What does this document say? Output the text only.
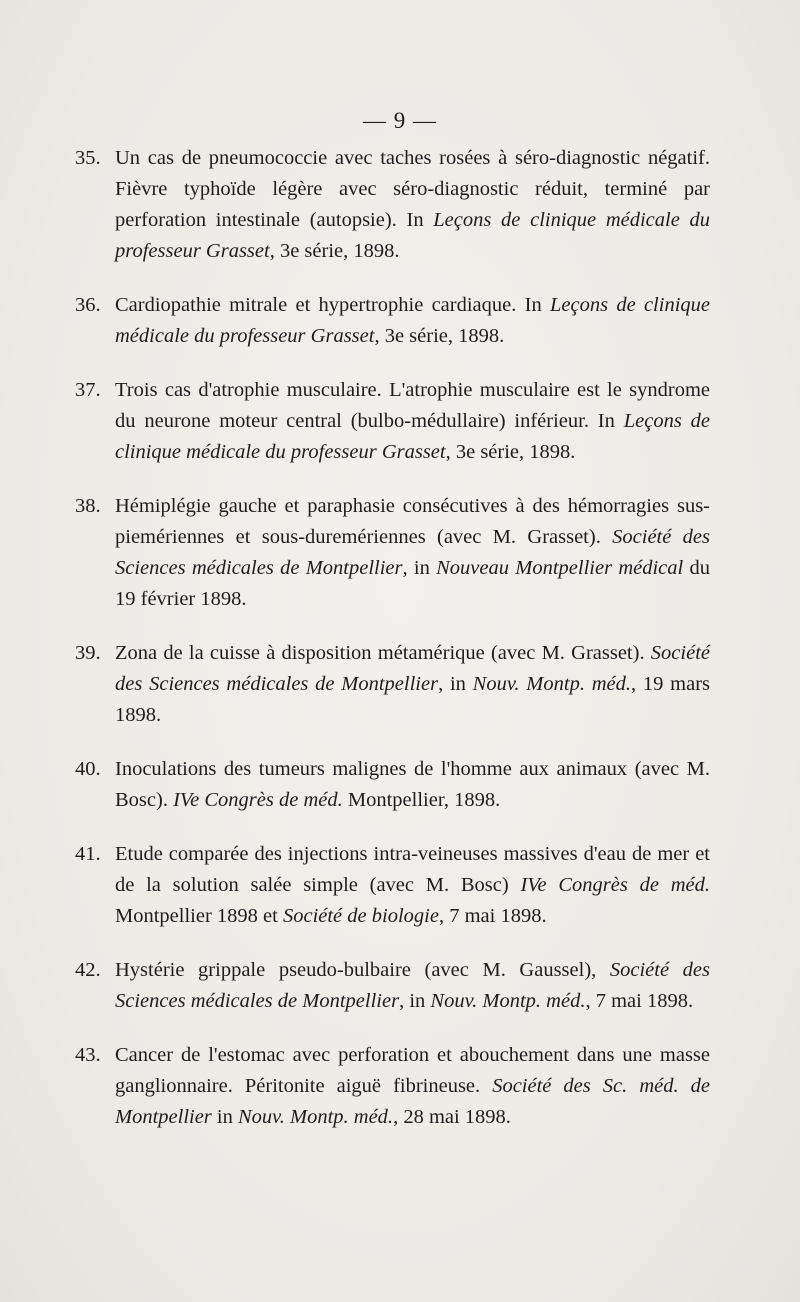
— 9 —
35. Un cas de pneumococcie avec taches rosées à séro-diagnostic négatif. Fièvre typhoïde légère avec séro-diagnostic réduit, terminé par perforation intestinale (autopsie). In Leçons de clinique médicale du professeur Grasset, 3e série, 1898.

36. Cardiopathie mitrale et hypertrophie cardiaque. In Leçons de clinique médicale du professeur Grasset, 3e série, 1898.

37. Trois cas d'atrophie musculaire. L'atrophie musculaire est le syndrome du neurone moteur central (bulbo-médullaire) inférieur. In Leçons de clinique médicale du professeur Grasset, 3e série, 1898.

38. Hémiplégie gauche et paraphasie consécutives à des hémorragies sus-piemériennes et sous-duremériennes (avec M. Grasset). Société des Sciences médicales de Montpellier, in Nouveau Montpellier médical du 19 février 1898.

39. Zona de la cuisse à disposition métamérique (avec M. Grasset). Société des Sciences médicales de Montpellier, in Nouv. Montp. méd., 19 mars 1898.

40. Inoculations des tumeurs malignes de l'homme aux animaux (avec M. Bosc). IVe Congrès de méd. Montpellier, 1898.

41. Etude comparée des injections intra-veineuses massives d'eau de mer et de la solution salée simple (avec M. Bosc) IVe Congrès de méd. Montpellier 1898 et Société de biologie, 7 mai 1898.

42. Hystérie grippale pseudo-bulbaire (avec M. Gaussel), Société des Sciences médicales de Montpellier, in Nouv. Montp. méd., 7 mai 1898.

43. Cancer de l'estomac avec perforation et abouchement dans une masse ganglionnaire. Péritonite aiguë fibrineuse. Société des Sc. méd. de Montpellier in Nouv. Montp. méd., 28 mai 1898.
